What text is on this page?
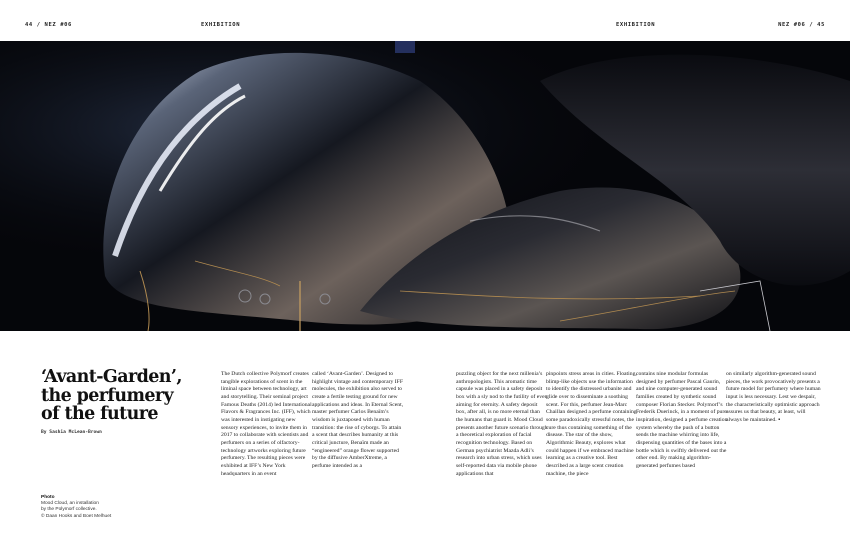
44 / NEZ #06	EXHIBITION	EXHIBITION	NEZ #06 / 45
‘Avant-Garden’,
the perfumery
of the future
By Sashia McLean-Brown
Photo
Mood Cloud, an installation
by the Polymorf collective.
© Daan Hooks and Boet Melhuet
The Dutch collective Polymorf creates tangible explorations of scent in the liminal space between technology, art and storytelling. Their seminal project Famous Deaths (2014) led International Flavors & Fragrances Inc. (IFF), which was interested in instigating new sensory experiences, to invite them in 2017 to collaborate with scientists and perfumers on a series of olfactory-technology artworks exploring future perfumery. The resulting pieces were exhibited at IFF’s New York headquarters in an event
called ‘Avant-Garden’. Designed to highlight vintage and contemporary IFF molecules, the exhibition also served to create a fertile testing ground for new applications and ideas. In Eternal Scent, master perfumer Carlos Benaïm’s wisdom is juxtaposed with human transition: the rise of cyborgs. To attain a scent that describes humanity at this critical juncture, Benaïm made an “engineered” orange flower supported by the diffusive AmberXtreme, a perfume intended as a
puzzling object for the next millenia’s anthropologists. This aromatic time capsule was placed in a safety deposit box with a sly nod to the futility of even aiming for eternity. A safety deposit box, after all, is no more eternal than the humans that guard it. Mood Cloud presents another future scenario through a theoretical exploration of facial recognition technology. Based on German psychiatrist Mazda Adli’s research into urban stress, which uses self-reported data via mobile phone applications that
pinpoints stress areas in cities. Floating, blimp-like objects use the information to identify the distressed urbanite and glide over to disseminate a soothing scent. For this, perfumer Jean-Marc Chaillan designed a perfume containing some paradoxically stressful notes, the cure thus containing something of the disease. The star of the show, Algorithmic Beauty, explores what could happen if we embraced machine learning as a creative tool. Best described as a large scent creation machine, the piece
contains nine modular formulas designed by perfumer Pascal Gaurin, and nine computer-generated sound families created by synthetic sound composer Florian Stecker. Polymorf’s Frederik Duerinck, in a moment of pure inspiration, designed a perfume creation system whereby the push of a button sends the machine whirring into life, dispensing quantities of the bases into a bottle which is swiftly delivered out the other end. By making algorithm-generated perfumes based
on similarly algorithm-generated sound pieces, the work provocatively presents a future model for perfumery where human input is less necessary. Lest we despair, the characteristically optimistic approach assures us that beauty, at least, will always be maintained. ▪
